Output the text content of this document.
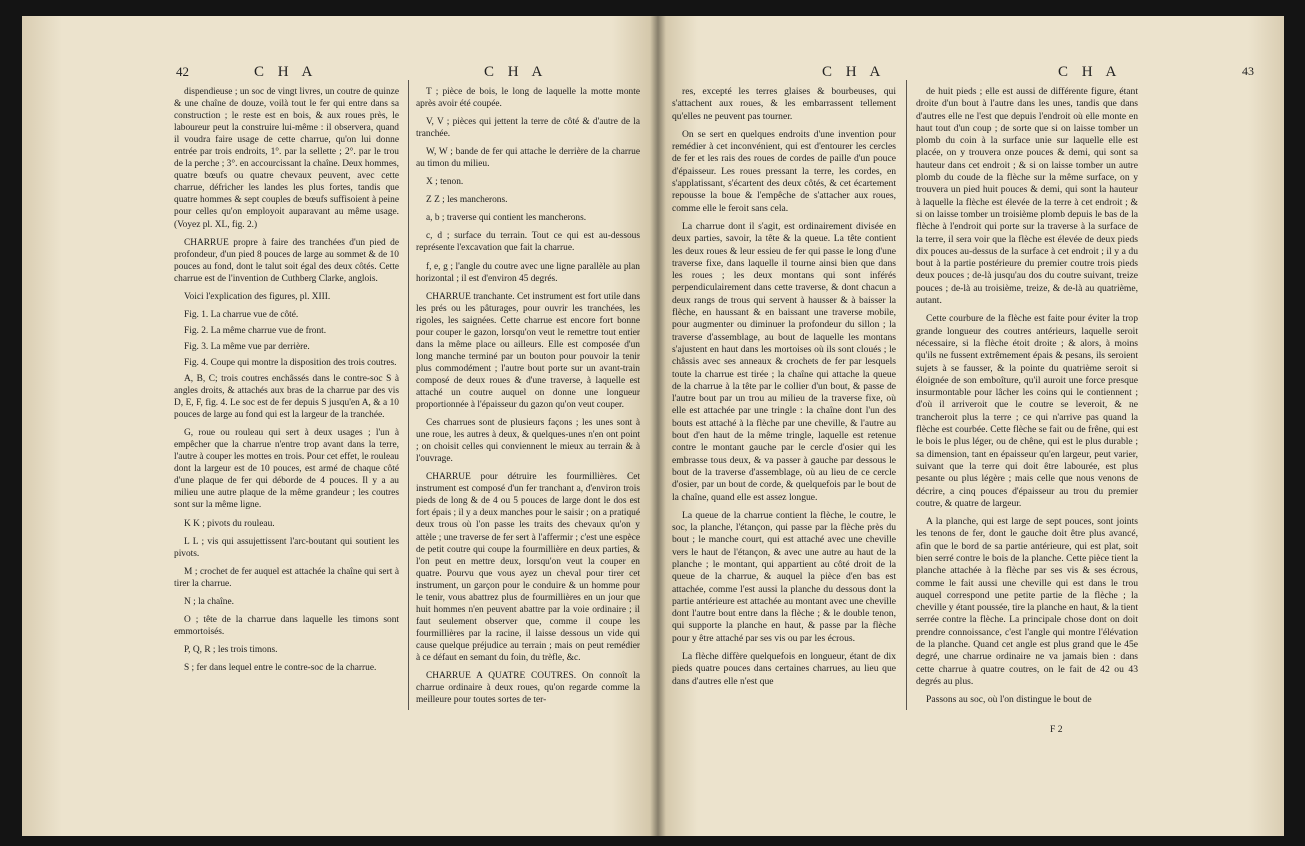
42	C H A	C H A

dispendieuse ; un soc de vingt livres, un coutre de quinze & une chaîne de douze, voilà tout le fer qui entre dans sa construction ; le reste est en bois, & aux roues près, le laboureur peut la construire lui-même : il observera, quand il voudra faire usage de cette charrue, qu'on lui donne entrée par trois endroits, 1°. par la sellette ; 2°. par le trou de la perche ; 3°. en accourcissant la chaîne. Deux hommes, quatre bœufs ou quatre chevaux peuvent, avec cette charrue, défricher les landes les plus fortes, tandis que quatre hommes & sept couples de bœufs suffisoient à peine pour celles qu'on employoit auparavant au même usage. (Voyez pl. XL, fig. 2.)

CHARRUE propre à faire des tranchées d'un pied de profondeur, d'un pied 8 pouces de large au sommet & de 10 pouces au fond, dont le talut soit égal des deux côtés. Cette charrue est de l'invention de Cuthberg Clarke, anglois.

Voici l'explication des figures, pl. XIII.

Fig. 1. La charrue vue de côté.

Fig. 2. La même charrue vue de front.

Fig. 3. La même vue par derrière.

Fig. 4. Coupe qui montre la disposition des trois coutres.

A, B, C; trois coutres enchâssés dans le contre-soc S à angles droits, & attachés aux bras de la charrue par des vis D, E, F, fig. 4. Le soc est de fer depuis S jusqu'en A, & a 10 pouces de large au fond qui est la largeur de la tranchée.

G, roue ou rouleau qui sert à deux usages ; l'un à empêcher que la charrue n'entre trop avant dans la terre, l'autre à couper les mottes en trois. Pour cet effet, le rouleau dont la largeur est de 10 pouces, est armé de chaque côté d'une plaque de fer qui déborde de 4 pouces. Il y a au milieu une autre plaque de la même grandeur ; les coutres sont sur la même ligne.

K K ; pivots du rouleau.

L L ; vis qui assujettissent l'arc-boutant qui soutient les pivots.

M ; crochet de fer auquel est attachée la chaîne qui sert à tirer la charrue.

N ; la chaîne.

O ; tête de la charrue dans laquelle les timons sont emmortoisés.

P, Q, R ; les trois timons.

S ; fer dans lequel entre le contre-soc de la charrue.

T ; pièce de bois, le long de laquelle la motte monte après avoir été coupée.

V, V ; pièces qui jettent la terre de côté & d'autre de la tranchée.

W, W ; bande de fer qui attache le derrière de la charrue au timon du milieu.

X ; tenon.

Z Z ; les mancherons.

a, b ; traverse qui contient les mancherons.

c, d ; surface du terrain. Tout ce qui est au-dessous représente l'excavation que fait la charrue.

f, e, g ; l'angle du coutre avec une ligne parallèle au plan horizontal ; il est d'environ 45 degrés.

CHARRUE tranchante. Cet instrument est fort utile dans les prés ou les pâturages, pour ouvrir les tranchées, les rigoles, les saignées. Cette charrue est encore fort bonne pour couper le gazon, lorsqu'on veut le remettre tout entier dans la même place ou ailleurs. Elle est composée d'un long manche terminé par un bouton pour pouvoir la tenir plus commodément ; l'autre bout porte sur un avant-train composé de deux roues & d'une traverse, à laquelle est attaché un coutre auquel on donne une longueur proportionnée à l'épaisseur du gazon qu'on veut couper.

Ces charrues sont de plusieurs façons ; les unes sont à une roue, les autres à deux, & quelques-unes n'en ont point ; on choisit celles qui conviennent le mieux au terrain & à l'ouvrage.

CHARRUE pour détruire les fourmillières. Cet instrument est composé d'un fer tranchant a, d'environ trois pieds de long & de 4 ou 5 pouces de large dont le dos est fort épais ; il y a deux manches pour le saisir ; on a pratiqué deux trous où l'on passe les traits des chevaux qu'on y attèle ; une traverse de fer sert à l'affermir ; c'est une espèce de petit coutre qui coupe la fourmillière en deux parties, & l'on peut en mettre deux, lorsqu'on veut la couper en quatre. Pourvu que vous ayez un cheval pour tirer cet instrument, un garçon pour le conduire & un homme pour le tenir, vous abattrez plus de fourmillières en un jour que huit hommes n'en peuvent abattre par la voie ordinaire ; il faut seulement observer que, comme il coupe les fourmillières par la racine, il laisse dessous un vide qui cause quelque préjudice au terrain ; mais on peut remédier à ce défaut en semant du foin, du trèfle, &c.

CHARRUE A QUATRE COUTRES. On connoît la charrue ordinaire à deux roues, qu'on regarde comme la meilleure pour toutes sortes de ter-

C H A	C H A	43

res, excepté les terres glaises & bourbeuses, qui s'attachent aux roues, & les embarrassent tellement qu'elles ne peuvent pas tourner.

On se sert en quelques endroits d'une invention pour remédier à cet inconvénient, qui est d'entourer les cercles de fer et les rais des roues de cordes de paille d'un pouce d'épaisseur. Les roues pressant la terre, les cordes, en s'applatissant, s'écartent des deux côtés, & cet écartement repousse la boue & l'empêche de s'attacher aux roues, comme elle le feroit sans cela.

La charrue dont il s'agit, est ordinairement divisée en deux parties, savoir, la tête & la queue. La tête contient les deux roues & leur essieu de fer qui passe le long d'une traverse fixe, dans laquelle il tourne ainsi bien que dans les roues ; les deux montans qui sont inférés perpendiculairement dans cette traverse, & dont chacun a deux rangs de trous qui servent à hausser & à baisser la flèche, en haussant & en baissant une traverse mobile, pour augmenter ou diminuer la profondeur du sillon ; la traverse d'assemblage, au bout de laquelle les montans s'ajustent en haut dans les mortoises où ils sont cloués ; le châssis avec ses anneaux & crochets de fer par lesquels toute la charrue est tirée ; la chaîne qui attache la queue de la charrue à la tête par le collier d'un bout, & passe de l'autre bout par un trou au milieu de la traverse fixe, où elle est attachée par une tringle : la chaîne dont l'un des bouts est attaché à la flèche par une cheville, & l'autre au bout d'en haut de la même tringle, laquelle est retenue contre le montant gauche par le cercle d'osier qui les embrasse tous deux, & va passer à gauche par dessous le bout de la traverse d'assemblage, où au lieu de ce cercle d'osier, par un bout de corde, & quelquefois par le bout de la chaîne, quand elle est assez longue.

La queue de la charrue contient la flèche, le coutre, le soc, la planche, l'étançon, qui passe par la flèche près du bout ; le manche court, qui est attaché avec une cheville vers le haut de l'étançon, & avec une autre au haut de la planche ; le montant, qui appartient au côté droit de la queue de la charrue, & auquel la pièce d'en bas est attachée, comme l'est aussi la planche du dessous dont la partie antérieure est attachée au montant avec une cheville dont l'autre bout entre dans la flèche ; & le double tenon, qui supporte la planche en haut, & passe par la flèche pour y être attaché par ses vis ou par les écrous.

La flèche diffère quelquefois en longueur, étant de dix pieds quatre pouces dans certaines charrues, au lieu que dans d'autres elle n'est que

de huit pieds ; elle est aussi de différente figure, étant droite d'un bout à l'autre dans les unes, tandis que dans d'autres elle ne l'est que depuis l'endroit où elle monte en haut tout d'un coup ; de sorte que si on laisse tomber un plomb du coin à la surface unie sur laquelle elle est placée, on y trouvera onze pouces & demi, qui sont sa hauteur dans cet endroit ; & si on laisse tomber un autre plomb du coude de la flèche sur la même surface, on y trouvera un pied huit pouces & demi, qui sont la hauteur à laquelle la flèche est élevée de la terre à cet endroit ; & si on laisse tomber un troisième plomb depuis le bas de la flèche à l'endroit qui porte sur la traverse à la surface de la terre, il sera voir que la flèche est élevée de deux pieds dix pouces au-dessus de la surface à cet endroit ; il y a du bout à la partie postérieure du premier coutre trois pieds deux pouces ; de-là jusqu'au dos du coutre suivant, treize pouces ; de-là au troisième, treize, & de-là au quatrième, autant.

Cette courbure de la flèche est faite pour éviter la trop grande longueur des coutres antérieurs, laquelle seroit nécessaire, si la flèche étoit droite ; & alors, à moins qu'ils ne fussent extrêmement épais & pesans, ils seroient sujets à se fausser, & la pointe du quatrième seroit si éloignée de son emboîture, qu'il auroit une force presque insurmontable pour lâcher les coins qui le contiennent ; d'où il arriveroit que le coutre se leveroit, & ne trancheroit plus la terre ; ce qui n'arrive pas quand la flèche est courbée. Cette flèche se fait ou de frêne, qui est le bois le plus léger, ou de chêne, qui est le plus durable ; sa dimension, tant en épaisseur qu'en largeur, peut varier, suivant que la terre qui doit être labourée, est plus pesante ou plus légère ; mais celle que nous venons de décrire, a cinq pouces d'épaisseur au trou du premier coutre, & quatre de largeur.

A la planche, qui est large de sept pouces, sont joints les tenons de fer, dont le gauche doit être plus avancé, afin que le bord de sa partie antérieure, qui est plat, soit bien serré contre le bois de la planche. Cette pièce tient la planche attachée à la flèche par ses vis & ses écrous, comme le fait aussi une cheville qui est dans le trou auquel correspond une petite partie de la flèche ; la cheville y étant poussée, tire la planche en haut, & la tient serrée contre la flèche. La principale chose dont on doit prendre connoissance, c'est l'angle qui montre l'élévation de la planche. Quand cet angle est plus grand que le 45e degré, une charrue ordinaire ne va jamais bien : dans cette charrue à quatre coutres, on le fait de 42 ou 43 degrés au plus.

Passons au soc, où l'on distingue le bout de

F 2
